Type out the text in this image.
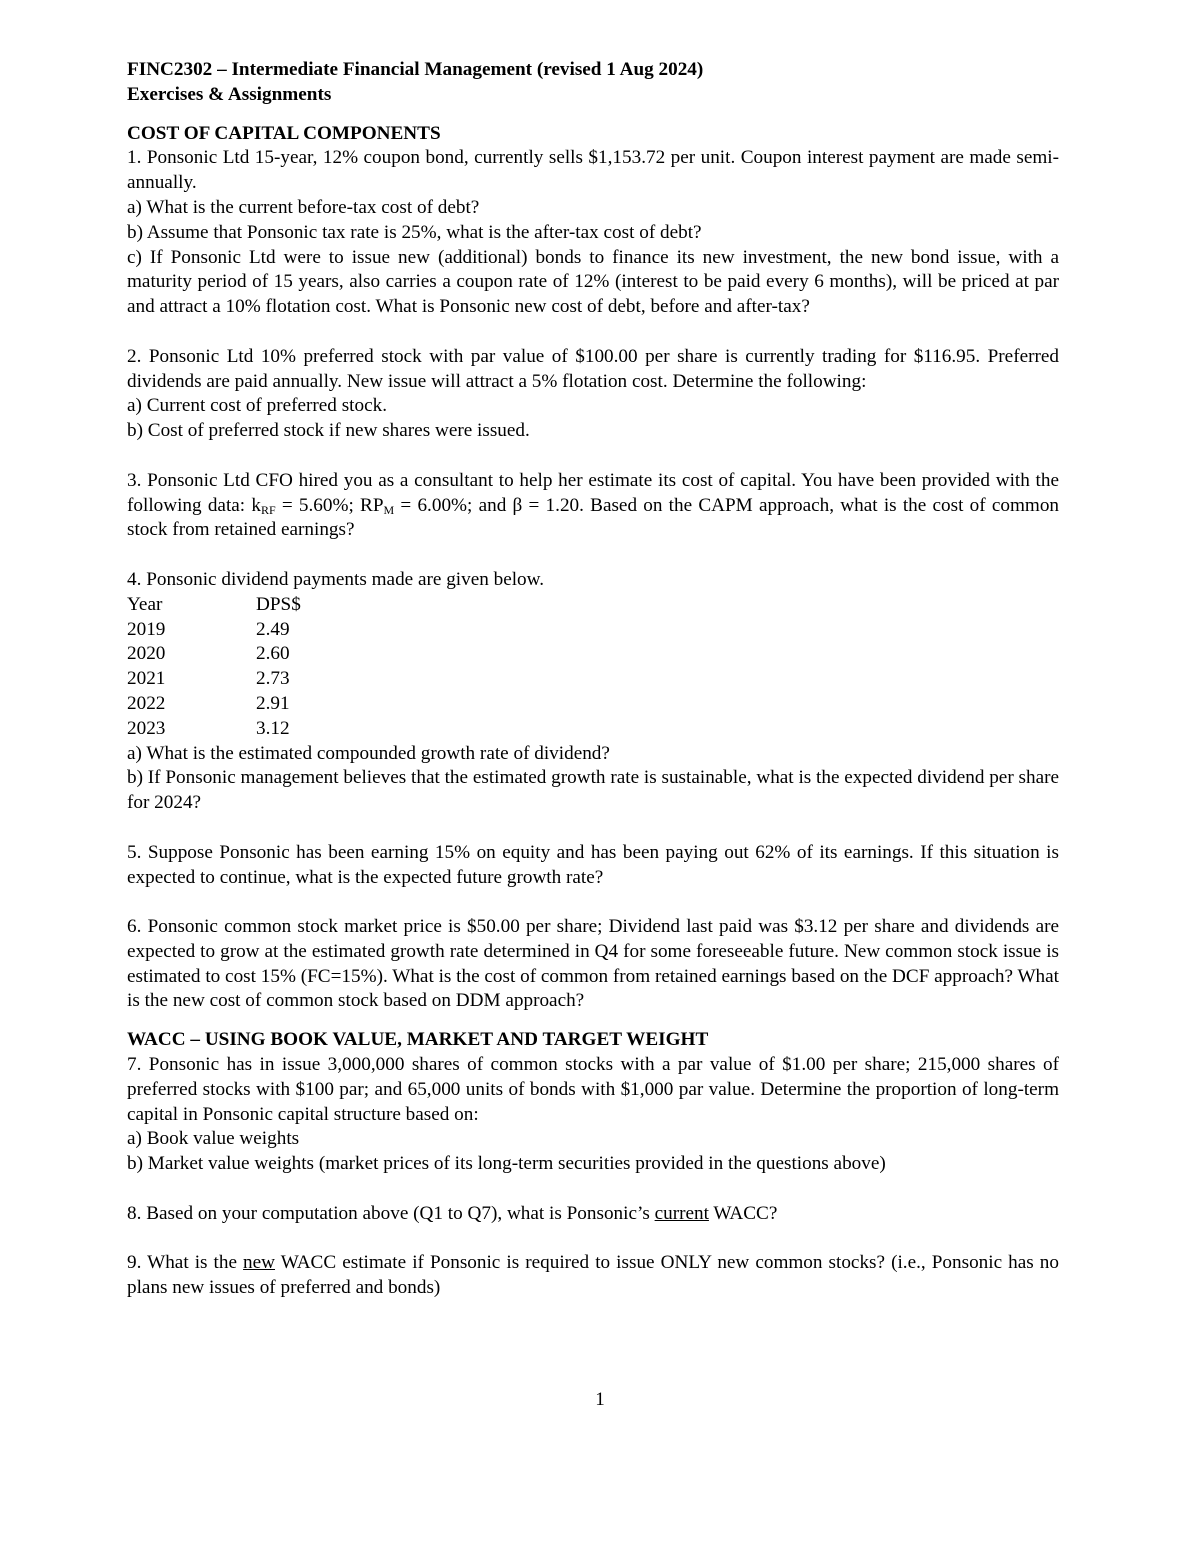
FINC2302 – Intermediate Financial Management (revised 1 Aug 2024)

Exercises & Assignments

COST OF CAPITAL COMPONENTS

1. Ponsonic Ltd 15-year, 12% coupon bond, currently sells $1,153.72 per unit. Coupon interest payment are made semi-annually.

a) What is the current before-tax cost of debt?

b) Assume that Ponsonic tax rate is 25%, what is the after-tax cost of debt?

c) If Ponsonic Ltd were to issue new (additional) bonds to finance its new investment, the new bond issue, with a maturity period of 15 years, also carries a coupon rate of 12% (interest to be paid every 6 months), will be priced at par and attract a 10% flotation cost. What is Ponsonic new cost of debt, before and after-tax?

2. Ponsonic Ltd 10% preferred stock with par value of $100.00 per share is currently trading for $116.95. Preferred dividends are paid annually. New issue will attract a 5% flotation cost. Determine the following:

a) Current cost of preferred stock.

b) Cost of preferred stock if new shares were issued.

3. Ponsonic Ltd CFO hired you as a consultant to help her estimate its cost of capital. You have been provided with the following data: $k_{RF} = 5.60\%$; $RP_M = 6.00\%$; and β = 1.20. Based on the CAPM approach, what is the cost of common stock from retained earnings?

4. Ponsonic dividend payments made are given below.

Year	DPS$
2019	2.49
2020	2.60
2021	2.73
2022	2.91
2023	3.12

a) What is the estimated compounded growth rate of dividend?

b) If Ponsonic management believes that the estimated growth rate is sustainable, what is the expected dividend per share for 2024?

5. Suppose Ponsonic has been earning 15% on equity and has been paying out 62% of its earnings. If this situation is expected to continue, what is the expected future growth rate?

6. Ponsonic common stock market price is $50.00 per share; Dividend last paid was $3.12 per share and dividends are expected to grow at the estimated growth rate determined in Q4 for some foreseeable future. New common stock issue is estimated to cost 15% (FC=15%). What is the cost of common from retained earnings based on the DCF approach? What is the new cost of common stock based on DDM approach?

WACC – USING BOOK VALUE, MARKET AND TARGET WEIGHT

7. Ponsonic has in issue 3,000,000 shares of common stocks with a par value of $1.00 per share; 215,000 shares of preferred stocks with $100 par; and 65,000 units of bonds with $1,000 par value. Determine the proportion of long-term capital in Ponsonic capital structure based on:

a) Book value weights

b) Market value weights (market prices of its long-term securities provided in the questions above)

8. Based on your computation above (Q1 to Q7), what is Ponsonic’s current WACC?

9. What is the new WACC estimate if Ponsonic is required to issue ONLY new common stocks? (i.e., Ponsonic has no plans new issues of preferred and bonds)

1
